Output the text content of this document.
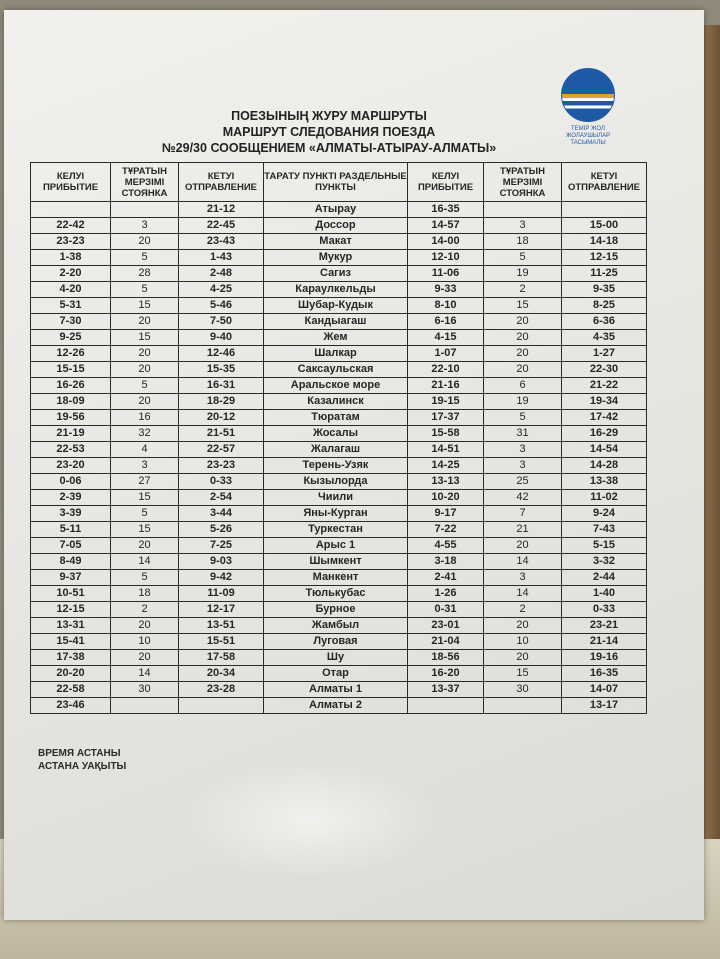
ТЕМІР ЖОЛ ЖОЛАУШЫЛАР ТАСЫМАЛЫ
ПОЕЗЫНЫҢ ЖУРУ МАРШРУТЫ
МАРШРУТ СЛЕДОВАНИЯ ПОЕЗДА
№29/30 СООБЩЕНИЕМ «АЛМАТЫ-АТЫРАУ-АЛМАТЫ»
ВРЕМЯ АСТАНЫ
АСТАНА УАҚЫТЫ
КЕЛУІ ПРИБЫТИЕ	ТҰРАТЫН МЕРЗІМІ СТОЯНКА	КЕТУІ ОТПРАВЛЕНИЕ	ТАРАТУ ПУНКТІ РАЗДЕЛЬНЫЕ ПУНКТЫ	КЕЛУІ ПРИБЫТИЕ	ТҰРАТЫН МЕРЗІМІ СТОЯНКА	КЕТУІ ОТПРАВЛЕНИЕ
		21-12	Атырау	16-35		
22-42	3	22-45	Доссор	14-57	3	15-00
23-23	20	23-43	Макат	14-00	18	14-18
1-38	5	1-43	Мукур	12-10	5	12-15
2-20	28	2-48	Сагиз	11-06	19	11-25
4-20	5	4-25	Караулкельды	9-33	2	9-35
5-31	15	5-46	Шубар-Кудык	8-10	15	8-25
7-30	20	7-50	Кандыагаш	6-16	20	6-36
9-25	15	9-40	Жем	4-15	20	4-35
12-26	20	12-46	Шалкар	1-07	20	1-27
15-15	20	15-35	Саксаульская	22-10	20	22-30
16-26	5	16-31	Аральское море	21-16	6	21-22
18-09	20	18-29	Казалинск	19-15	19	19-34
19-56	16	20-12	Тюратам	17-37	5	17-42
21-19	32	21-51	Жосалы	15-58	31	16-29
22-53	4	22-57	Жалагаш	14-51	3	14-54
23-20	3	23-23	Терень-Узяк	14-25	3	14-28
0-06	27	0-33	Кызылорда	13-13	25	13-38
2-39	15	2-54	Чиили	10-20	42	11-02
3-39	5	3-44	Яны-Курган	9-17	7	9-24
5-11	15	5-26	Туркестан	7-22	21	7-43
7-05	20	7-25	Арыс 1	4-55	20	5-15
8-49	14	9-03	Шымкент	3-18	14	3-32
9-37	5	9-42	Манкент	2-41	3	2-44
10-51	18	11-09	Тюлькубас	1-26	14	1-40
12-15	2	12-17	Бурное	0-31	2	0-33
13-31	20	13-51	Жамбыл	23-01	20	23-21
15-41	10	15-51	Луговая	21-04	10	21-14
17-38	20	17-58	Шу	18-56	20	19-16
20-20	14	20-34	Отар	16-20	15	16-35
22-58	30	23-28	Алматы 1	13-37	30	14-07
23-46			Алматы 2			13-17
